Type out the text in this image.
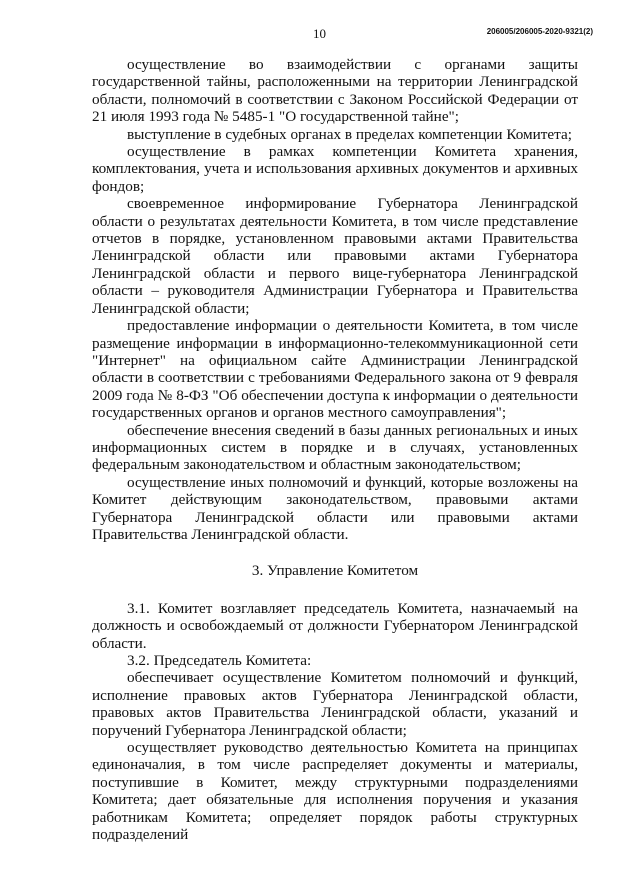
10	206005/206005-2020-9321(2)

осуществление во взаимодействии с органами защиты государственной тайны, расположенными на территории Ленинградской области, полномочий в соответствии с Законом Российской Федерации от 21 июля 1993 года № 5485-1 "О государственной тайне";

выступление в судебных органах в пределах компетенции Комитета;

осуществление в рамках компетенции Комитета хранения, комплектования, учета и использования архивных документов и архивных фондов;

своевременное информирование Губернатора Ленинградской области о результатах деятельности Комитета, в том числе представление отчетов в порядке, установленном правовыми актами Правительства Ленинградской области или правовыми актами Губернатора Ленинградской области и первого вице-губернатора Ленинградской области – руководителя Администрации Губернатора и Правительства Ленинградской области;

предоставление информации о деятельности Комитета, в том числе размещение информации в информационно-телекоммуникационной сети "Интернет" на официальном сайте Администрации Ленинградской области в соответствии с требованиями Федерального закона от 9 февраля 2009 года № 8-ФЗ "Об обеспечении доступа к информации о деятельности государственных органов и органов местного самоуправления";

обеспечение внесения сведений в базы данных региональных и иных информационных систем в порядке и в случаях, установленных федеральным законодательством и областным законодательством;

осуществление иных полномочий и функций, которые возложены на Комитет действующим законодательством, правовыми актами Губернатора Ленинградской области или правовыми актами Правительства Ленинградской области.

3. Управление Комитетом

3.1. Комитет возглавляет председатель Комитета, назначаемый на должность и освобождаемый от должности Губернатором Ленинградской области.

3.2. Председатель Комитета:

обеспечивает осуществление Комитетом полномочий и функций, исполнение правовых актов Губернатора Ленинградской области, правовых актов Правительства Ленинградской области, указаний и поручений Губернатора Ленинградской области;

осуществляет руководство деятельностью Комитета на принципах единоначалия, в том числе распределяет документы и материалы, поступившие в Комитет, между структурными подразделениями Комитета; дает обязательные для исполнения поручения и указания работникам Комитета; определяет порядок работы структурных подразделений
